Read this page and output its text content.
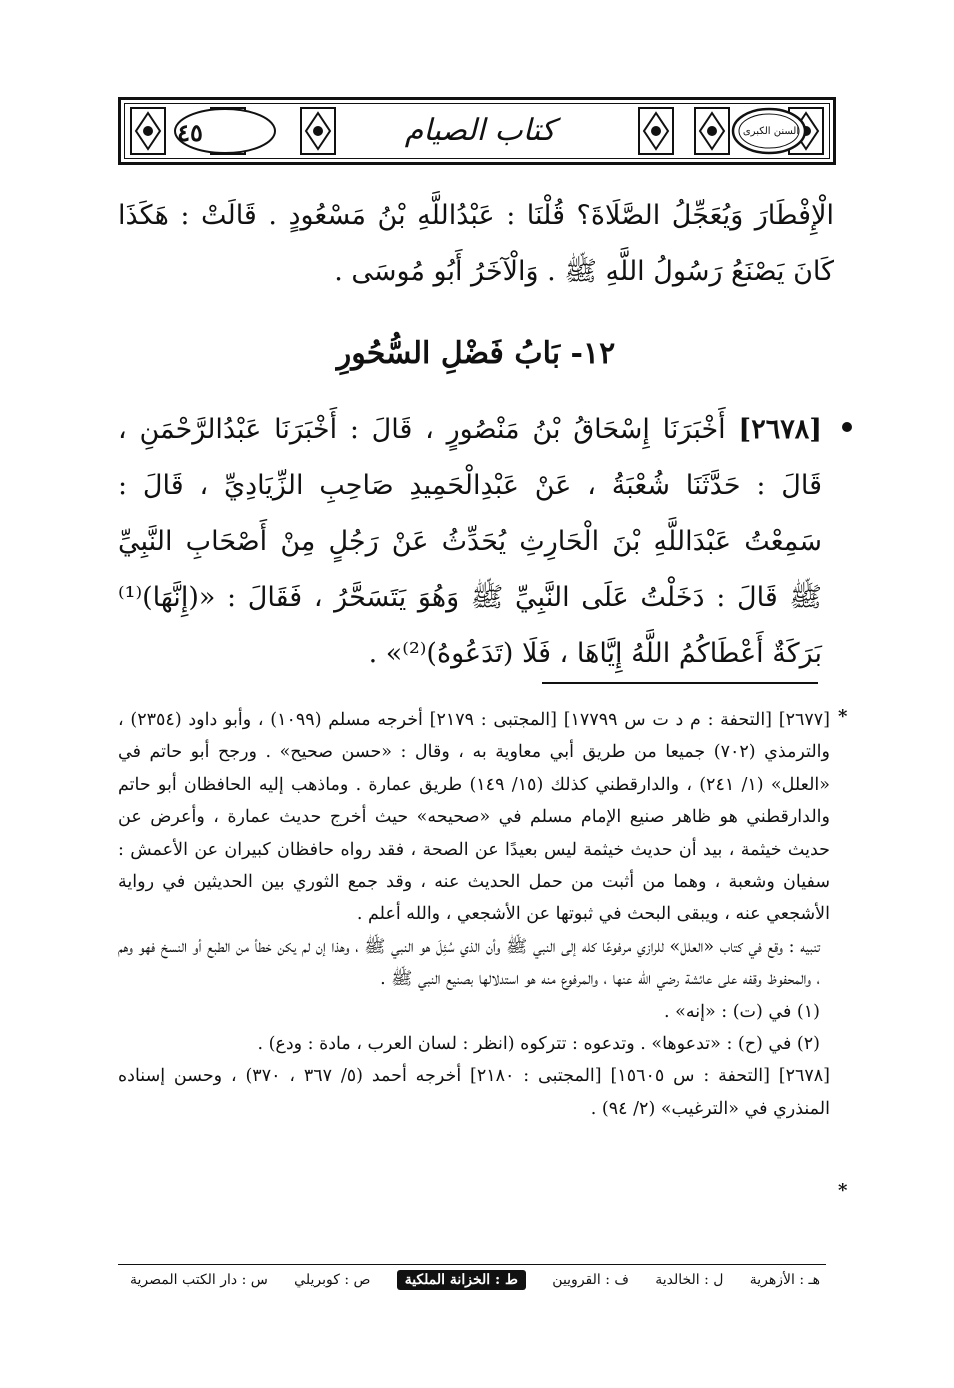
٤٥	كتاب الصيام	السنن الكبرى
الْإِفْطَارَ وَيُعَجِّلُ الصَّلَاةَ؟ قُلْنَا : عَبْدُاللَّهِ بْنُ مَسْعُودٍ . قَالَتْ : هَكَذَا كَانَ يَصْنَعُ رَسُولُ اللَّهِ ﷺ . وَالْآخَرُ أَبُو مُوسَى .
١٢- بَابُ فَضْلِ السُّحُورِ
[٢٦٧٨] أَخْبَرَنَا إِسْحَاقُ بْنُ مَنْصُورٍ ، قَالَ : أَخْبَرَنَا عَبْدُالرَّحْمَنِ ، قَالَ : حَدَّثَنَا شُعْبَةُ ، عَنْ عَبْدِالْحَمِيدِ صَاحِبِ الزِّيَادِيِّ ، قَالَ : سَمِعْتُ عَبْدَاللَّهِ بْنَ الْحَارِثِ يُحَدِّثُ عَنْ رَجُلٍ مِنْ أَصْحَابِ النَّبِيِّ ﷺ قَالَ : دَخَلْتُ عَلَى النَّبِيِّ ﷺ وَهُوَ يَتَسَحَّرُ ، فَقَالَ : «(إِنَّهَا)⁽¹⁾ بَرَكَةٌ أَعْطَاكُمُ اللَّهُ إِيَّاهَا ، فَلَا (تَدَعُوهُ)⁽²⁾» .
*

[٢٦٧٧] [التحفة : م د ت س ١٧٧٩٩] [المجتبى : ٢١٧٩] أخرجه مسلم (١٠٩٩) ، وأبو داود (٢٣٥٤) ، والترمذي (٧٠٢) جميعا من طريق أبي معاوية به ، وقال : «حسن صحيح» . ورجح أبو حاتم في «العلل» (١/ ٢٤١) ، والدارقطني كذلك (١٥/ ١٤٩) طريق عمارة . وماذهب إليه الحافظان أبو حاتم والدارقطني هو ظاهر صنيع الإمام مسلم في «صحيحه» حيث أخرج حديث عمارة ، وأعرض عن حديث خيثمة ، بيد أن حديث خيثمة ليس بعيدًا عن الصحة ، فقد رواه حافظان كبيران عن الأعمش : سفيان وشعبة ، وهما من أثبت من حمل الحديث عنه ، وقد جمع الثوري بين الحديثين في رواية الأشجعي عنه ، ويبقى البحث في ثبوتها عن الأشجعي ، والله أعلم .

تنبيه : وقع في كتاب «العلل» للرازي مرفوعًا كله إلى النبي ﷺ وأن الذي سُئِلَ هو النبي ﷺ ، وهذا إن لم يكن خطأ من الطبع أو النسخ فهو وهم ، والمحفوظ وقفه على عائشة رضي الله عنها ، والمرفوع منه هو استدلالها بصنيع النبي ﷺ .

(١) في (ت) : «إنه» .

(٢) في (ح) : «تدعوها» . وتدعوه : تتركوه (انظر : لسان العرب ، مادة : ودع) .

[٢٦٧٨] [التحفة : س ١٥٦٠٥] [المجتبى : ٢١٨٠] أخرجه أحمد (٥/ ٣٦٧ ، ٣٧٠) ، وحسن إسناده المنذري في «الترغيب» (٢/ ٩٤) .

*
س : دار الكتب المصرية ص : كوبريلي	ط : الخزانة الملكية	ف : القرويين ل : الخالدية هـ : الأزهرية
